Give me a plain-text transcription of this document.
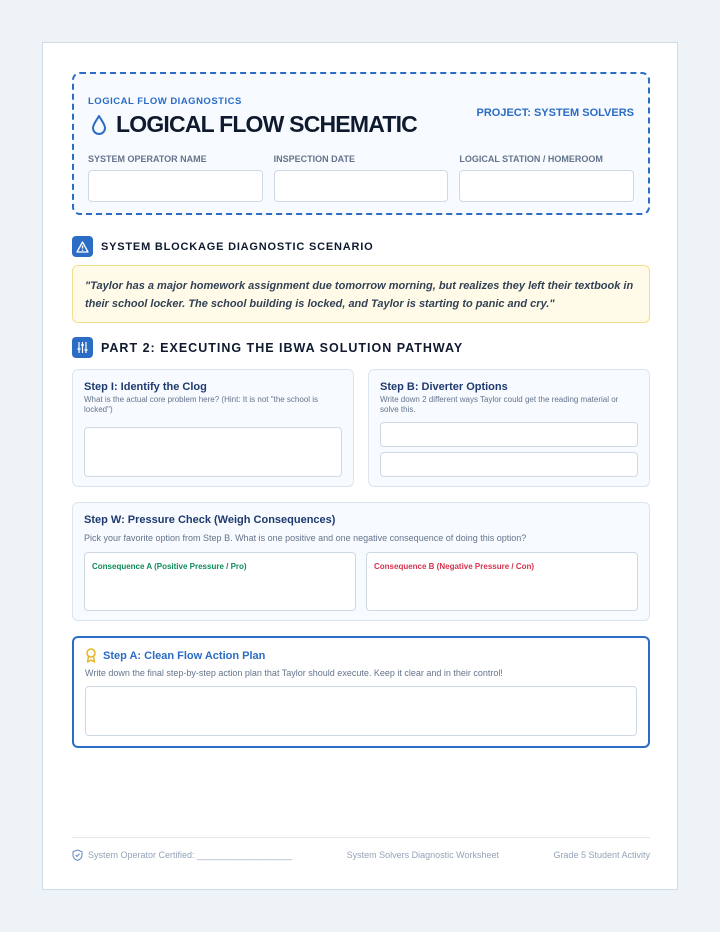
LOGICAL FLOW DIAGNOSTICS
LOGICAL FLOW SCHEMATIC	PROJECT: SYSTEM SOLVERS
SYSTEM OPERATOR NAME	INSPECTION DATE	LOGICAL STATION / HOMEROOM
SYSTEM BLOCKAGE DIAGNOSTIC SCENARIO
"Taylor has a major homework assignment due tomorrow morning, but realizes they left their textbook in their school locker. The school building is locked, and Taylor is starting to panic and cry."
PART 2: EXECUTING THE IBWA SOLUTION PATHWAY
Step I: Identify the Clog
What is the actual core problem here? (Hint: It is not "the school is locked")
Step B: Diverter Options
Write down 2 different ways Taylor could get the reading material or solve this.
Step W: Pressure Check (Weigh Consequences)
Pick your favorite option from Step B. What is one positive and one negative consequence of doing this option?
Consequence A (Positive Pressure / Pro)	Consequence B (Negative Pressure / Con)
Step A: Clean Flow Action Plan
Write down the final step-by-step action plan that Taylor should execute. Keep it clear and in their control!
System Operator Certified: ___________________	System Solvers Diagnostic Worksheet	Grade 5 Student Activity
